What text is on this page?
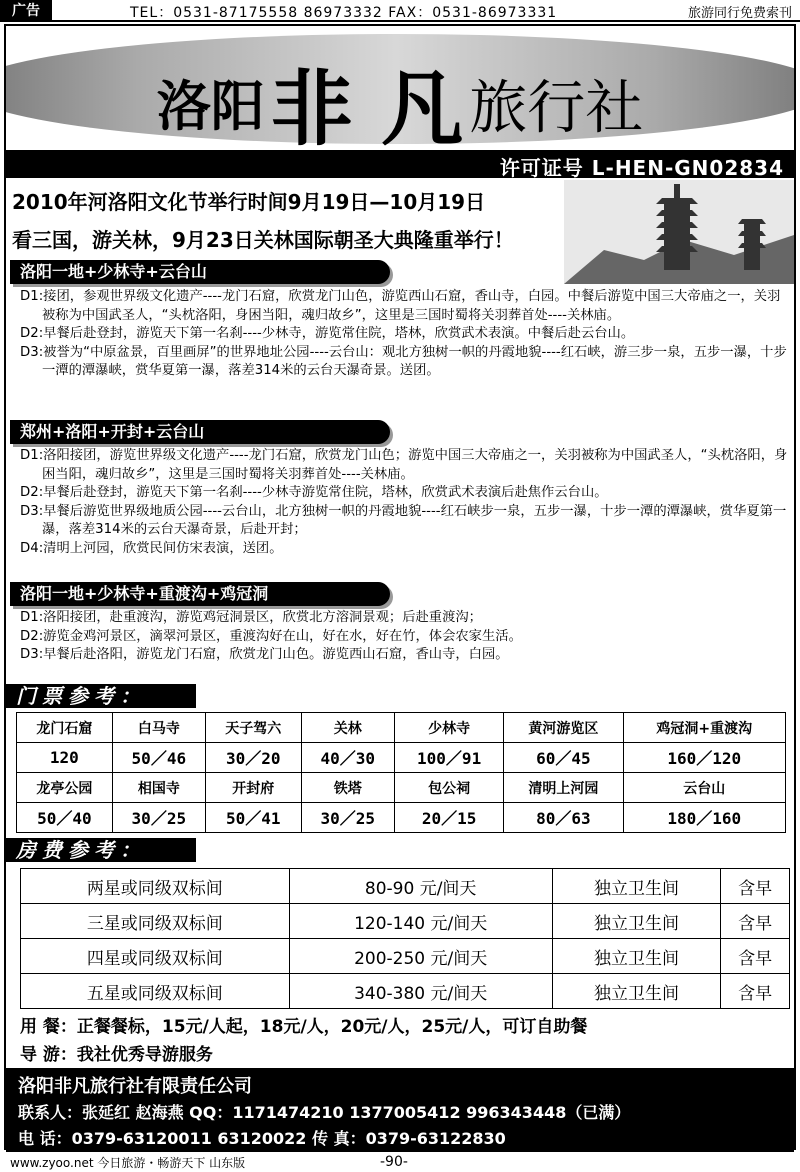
广告	TEL：0531-87175558 86973332 FAX：0531-86973331	旅游同行免费索刊
洛阳非 凡 旅行社
许可证号 L-HEN-GN02834
2010年河洛阳文化节举行时间9月19日—10月19日
看三国，游关林，9月23日关林国际朝圣大典隆重举行！
洛阳一地+少林寺+云台山

D1:接团，参观世界级文化遗产----龙门石窟，欣赏龙门山色，游览西山石窟，香山寺，白园。中餐后游览中国三大帝庙之一，关羽被称为中国武圣人，“头枕洛阳，身困当阳，魂归故乡”，这里是三国时蜀将关羽葬首处----关林庙。

D2:早餐后赴登封，游览天下第一名刹----少林寺，游览常住院，塔林，欣赏武术表演。中餐后赴云台山。

D3:被誉为“中原盆景，百里画屏”的世界地址公园----云台山：观北方独树一帜的丹霞地貌----红石峡，游三步一泉，五步一瀑，十步一潭的潭瀑峡，赏华夏第一瀑，落差314米的云台天瀑奇景。送团。

郑州+洛阳+开封+云台山

D1:洛阳接团，游览世界级文化遗产----龙门石窟，欣赏龙门山色；游览中国三大帝庙之一，关羽被称为中国武圣人，“头枕洛阳，身困当阳，魂归故乡”，这里是三国时蜀将关羽葬首处----关林庙。

D2:早餐后赴登封，游览天下第一名刹----少林寺游览常住院，塔林，欣赏武术表演后赴焦作云台山。

D3:早餐后游览世界级地质公园----云台山，北方独树一帜的丹霞地貌----红石峡步一泉，五步一瀑，十步一潭的潭瀑峡，赏华夏第一瀑，落差314米的云台天瀑奇景，后赴开封；

D4:清明上河园，欣赏民间仿宋表演，送团。

洛阳一地+少林寺+重渡沟+鸡冠洞

D1:洛阳接团，赴重渡沟，游览鸡冠洞景区，欣赏北方溶洞景观；后赴重渡沟；

D2:游览金鸡河景区，滴翠河景区，重渡沟好在山，好在水，好在竹，体会农家生活。

D3:早餐后赴洛阳，游览龙门石窟，欣赏龙门山色。游览西山石窟，香山寺，白园。

门票参考：
龙门石窟	白马寺	天子驾六	关林	少林寺	黄河游览区	鸡冠洞+重渡沟
120	50／46	30／20	40／30	100／91	60／45	160／120
龙亭公园	相国寺	开封府	铁塔	包公祠	清明上河园	云台山
50／40	30／25	50／41	30／25	20／15	80／63	180／160
房费参考：
两星或同级双标间	80-90 元/间天	独立卫生间	含早
三星或同级双标间	120-140 元/间天	独立卫生间	含早
四星或同级双标间	200-250 元/间天	独立卫生间	含早
五星或同级双标间	340-380 元/间天	独立卫生间	含早
用 餐：正餐餐标，15元/人起，18元/人，20元/人，25元/人，可订自助餐
导 游：我社优秀导游服务
洛阳非凡旅行社有限责任公司
联系人：张延红 赵海燕 QQ：1171474210 1377005412 996343448（已满）
电 话：0379-63120011 63120022 传 真：0379-63122830
www.zyoo.net 今日旅游・畅游天下 山东版	-90-
